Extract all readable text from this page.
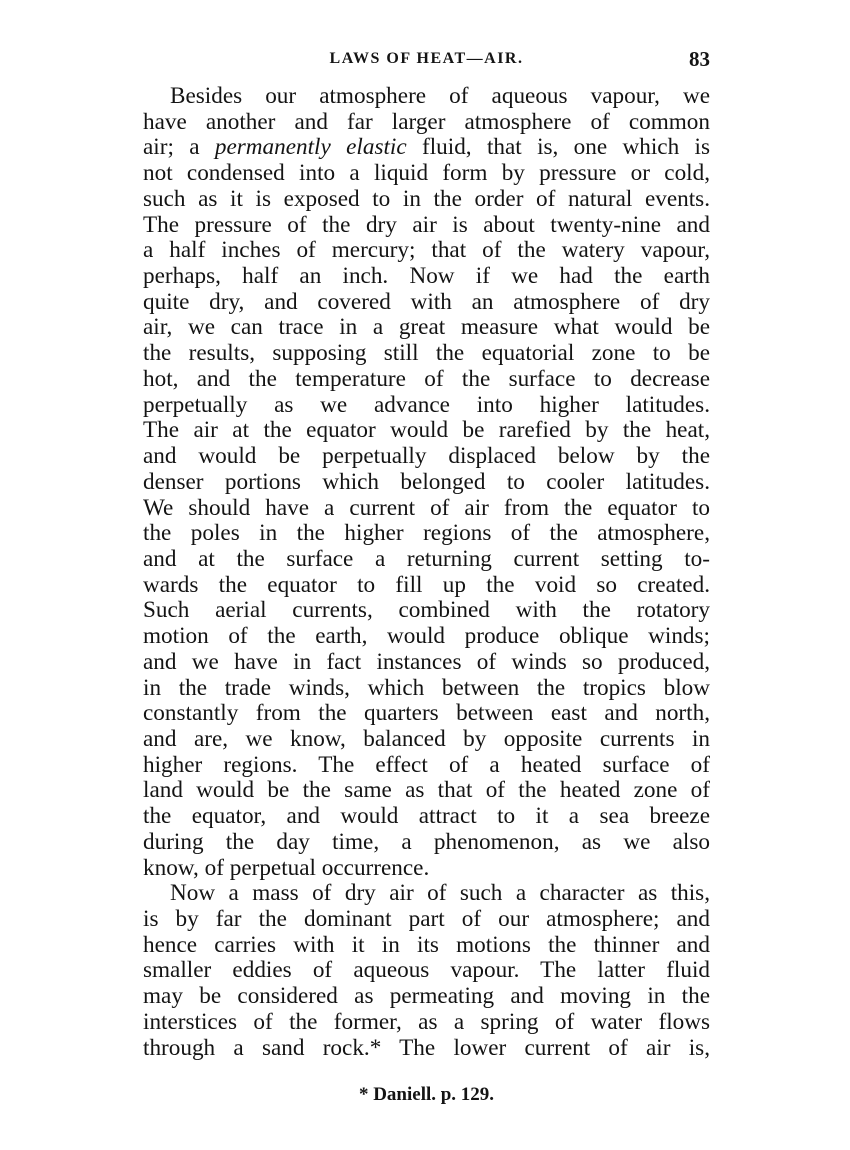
LAWS OF HEAT—AIR.	83
Besides our atmosphere of aqueous vapour, we
have another and far larger atmosphere of common
air; a permanently elastic fluid, that is, one which is
not condensed into a liquid form by pressure or cold,
such as it is exposed to in the order of natural events.
The pressure of the dry air is about twenty-nine and
a half inches of mercury; that of the watery vapour,
perhaps, half an inch. Now if we had the earth
quite dry, and covered with an atmosphere of dry
air, we can trace in a great measure what would be
the results, supposing still the equatorial zone to be
hot, and the temperature of the surface to decrease
perpetually as we advance into higher latitudes.
The air at the equator would be rarefied by the heat,
and would be perpetually displaced below by the
denser portions which belonged to cooler latitudes.
We should have a current of air from the equator to
the poles in the higher regions of the atmosphere,
and at the surface a returning current setting to-
wards the equator to fill up the void so created.
Such aerial currents, combined with the rotatory
motion of the earth, would produce oblique winds;
and we have in fact instances of winds so produced,
in the trade winds, which between the tropics blow
constantly from the quarters between east and north,
and are, we know, balanced by opposite currents in
higher regions. The effect of a heated surface of
land would be the same as that of the heated zone of
the equator, and would attract to it a sea breeze
during the day time, a phenomenon, as we also
know, of perpetual occurrence.
Now a mass of dry air of such a character as this,
is by far the dominant part of our atmosphere; and
hence carries with it in its motions the thinner and
smaller eddies of aqueous vapour. The latter fluid
may be considered as permeating and moving in the
interstices of the former, as a spring of water flows
through a sand rock.* The lower current of air is,
* Daniell. p. 129.
